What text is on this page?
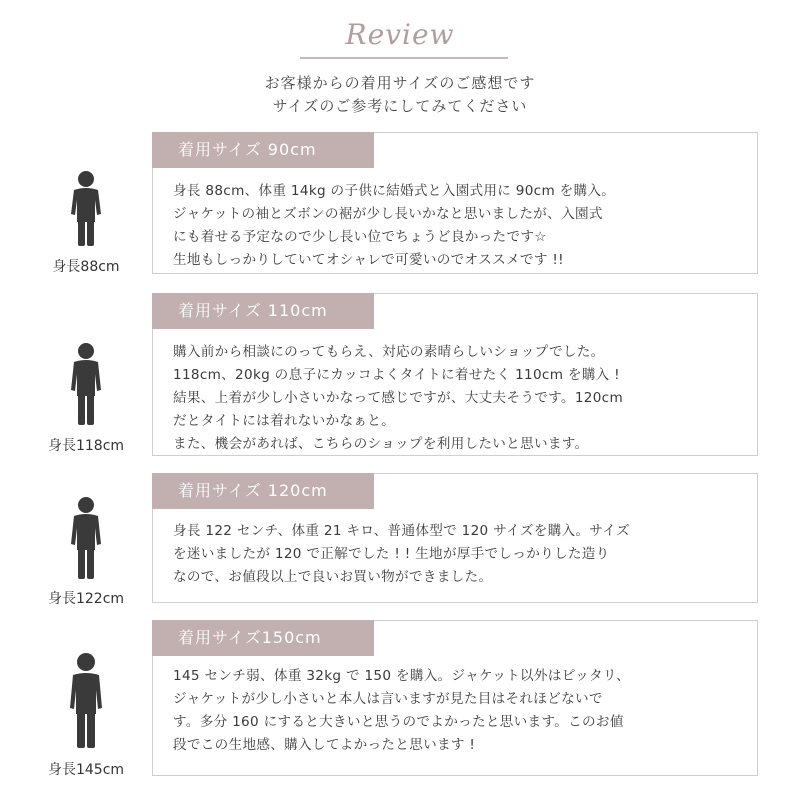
Review
お客様からの着用サイズのご感想です
サイズのご参考にしてみてください
着用サイズ 90cm
身長 88cm、体重 14kg の子供に結婚式と入園式用に 90cm を購入。
ジャケットの袖とズボンの裾が少し長いかなと思いましたが、入園式
にも着せる予定なので少し長い位でちょうど良かったです☆
生地もしっかりしていてオシャレで可愛いのでオススメです !!
身長88cm
着用サイズ 110cm
購入前から相談にのってもらえ、対応の素晴らしいショップでした。
118cm、20kg の息子にカッコよくタイトに着せたく 110cm を購入 !
結果、上着が少し小さいかなって感じですが、大丈夫そうです。120cm
だとタイトには着れないかなぁと。
また、機会があれば、こちらのショップを利用したいと思います。
身長118cm
着用サイズ 120cm
身長 122 センチ、体重 21 キロ、普通体型で 120 サイズを購入。サイズ
を迷いましたが 120 で正解でした ! ! 生地が厚手でしっかりした造り
なので、お値段以上で良いお買い物ができました。
身長122cm
着用サイズ150cm
145 センチ弱、体重 32kg で 150 を購入。ジャケット以外はピッタリ、
ジャケットが少し小さいと本人は言いますが見た目はそれほどないで
す。多分 160 にすると大きいと思うのでよかったと思います。このお値
段でこの生地感、購入してよかったと思います !
身長145cm
